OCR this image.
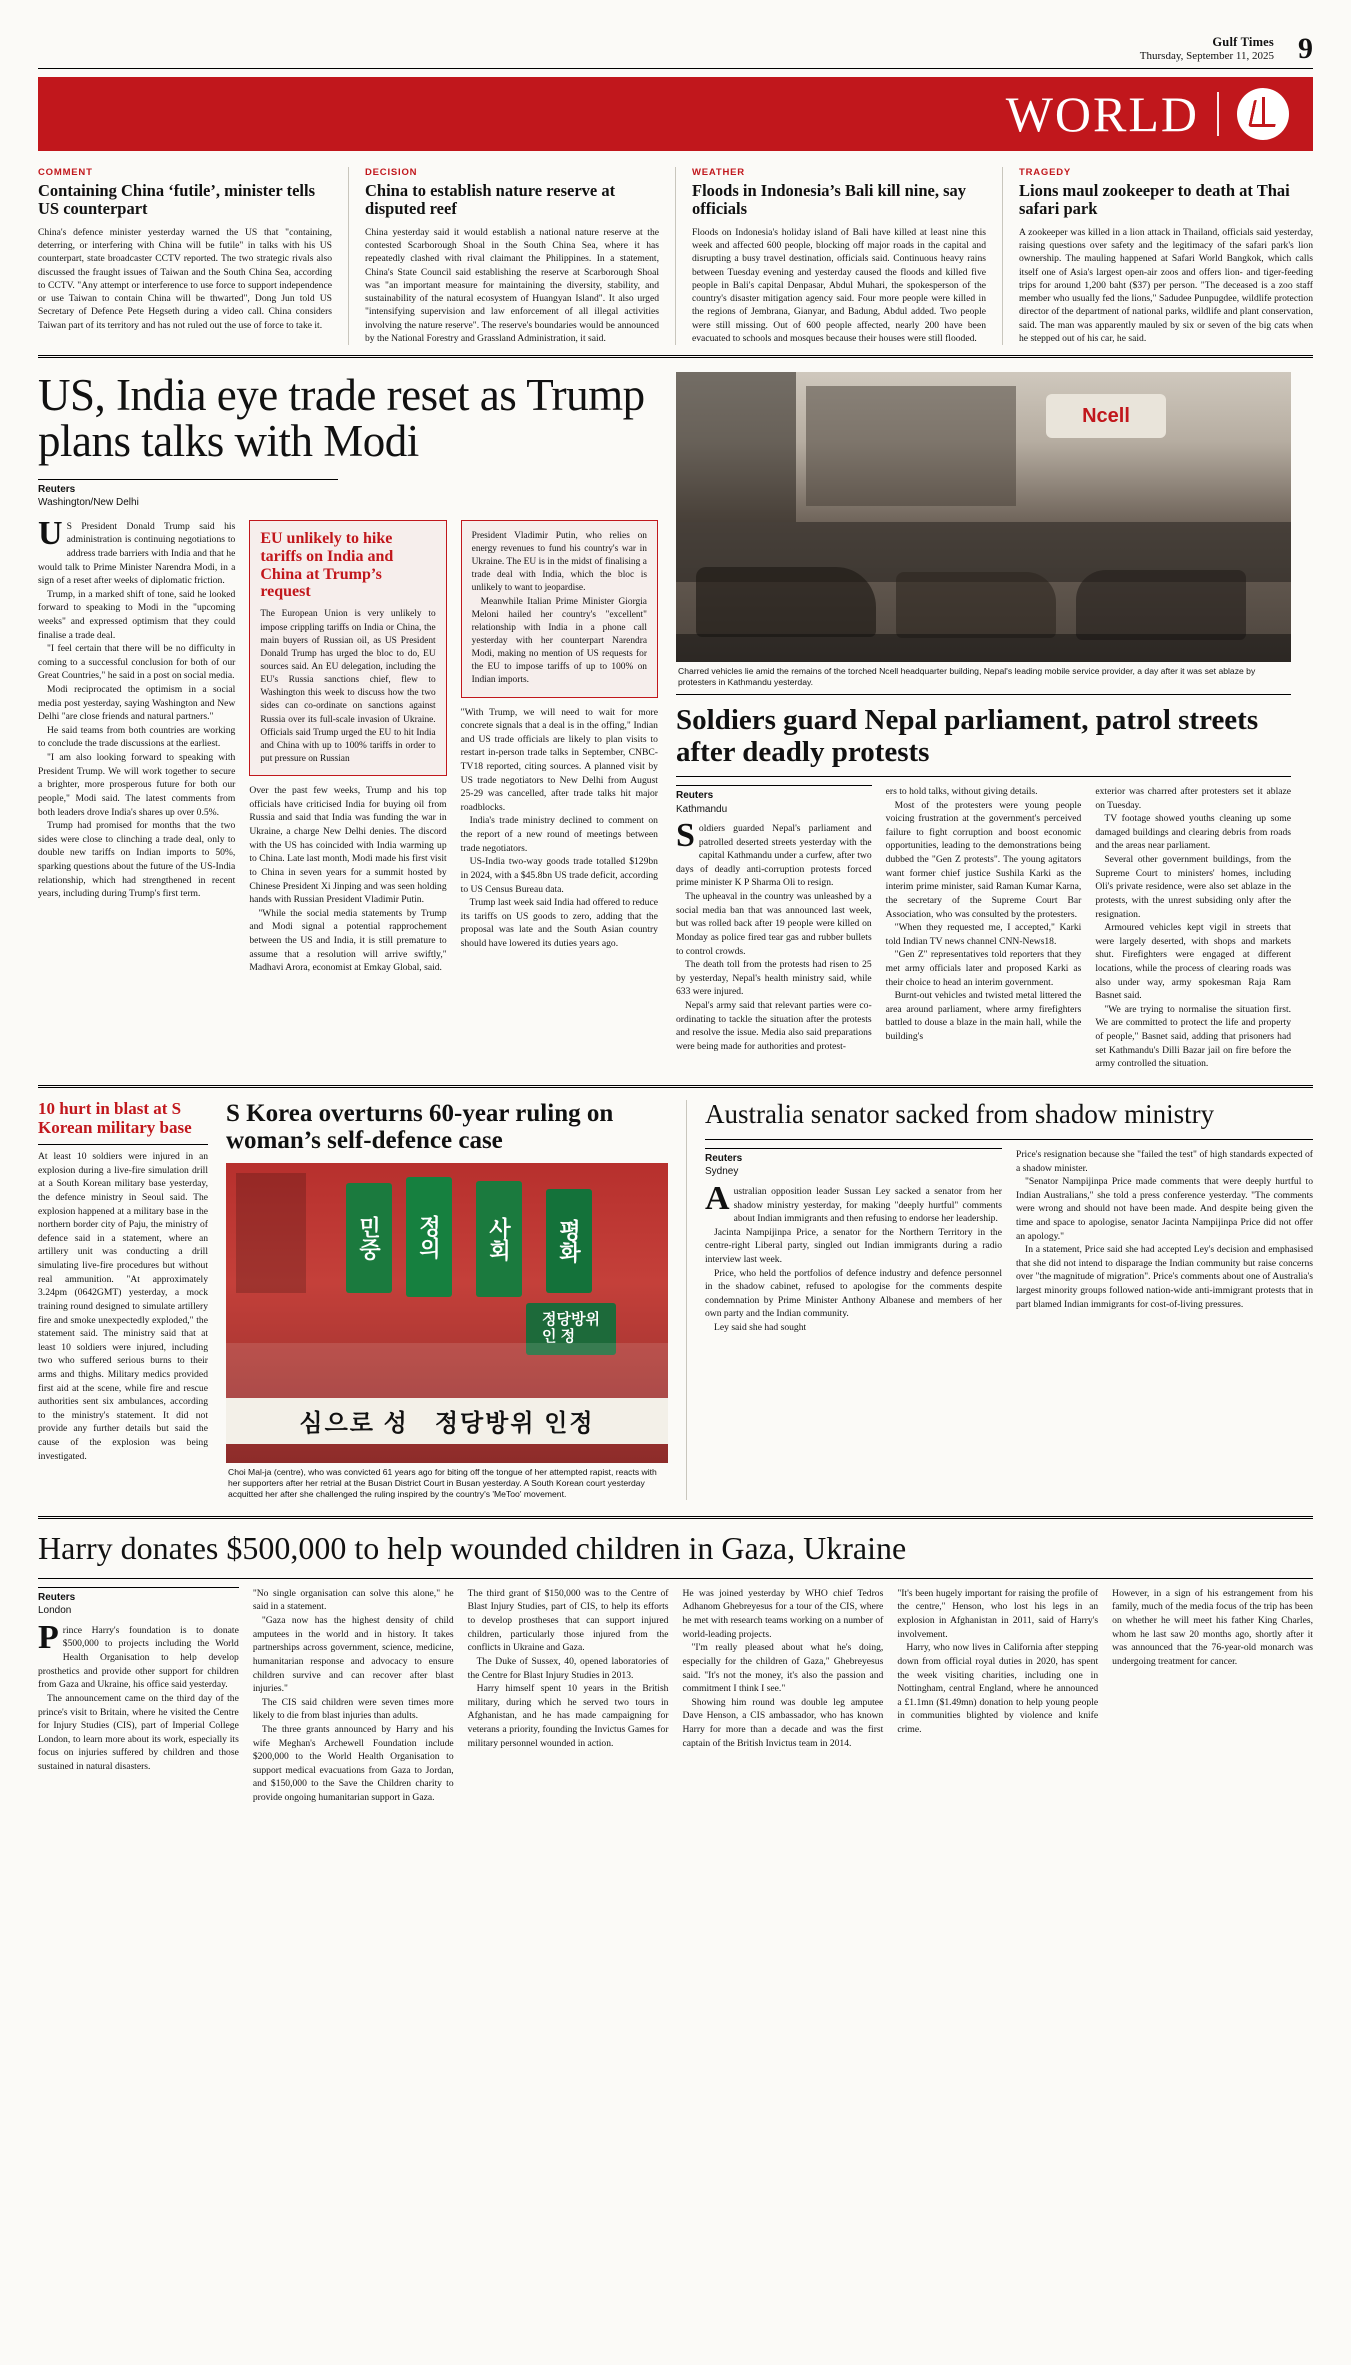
Gulf Times
Thursday, September 11, 2025 9
WORLD
COMMENT
Containing China ‘futile’, minister tells US counterpart

China's defence minister yesterday warned the US that "containing, deterring, or interfering with China will be futile" in talks with his US counterpart, state broadcaster CCTV reported. The two strategic rivals also discussed the fraught issues of Taiwan and the South China Sea, according to CCTV. "Any attempt or interference to use force to support independence or use Taiwan to contain China will be thwarted", Dong Jun told US Secretary of Defence Pete Hegseth during a video call. China considers Taiwan part of its territory and has not ruled out the use of force to take it.

DECISION
China to establish nature reserve at disputed reef

China yesterday said it would establish a national nature reserve at the contested Scarborough Shoal in the South China Sea, where it has repeatedly clashed with rival claimant the Philippines. In a statement, China's State Council said establishing the reserve at Scarborough Shoal was "an important measure for maintaining the diversity, stability, and sustainability of the natural ecosystem of Huangyan Island". It also urged "intensifying supervision and law enforcement of all illegal activities involving the nature reserve". The reserve's boundaries would be announced by the National Forestry and Grassland Administration, it said.

WEATHER
Floods in Indonesia’s Bali kill nine, say officials

Floods on Indonesia's holiday island of Bali have killed at least nine this week and affected 600 people, blocking off major roads in the capital and disrupting a busy travel destination, officials said. Continuous heavy rains between Tuesday evening and yesterday caused the floods and killed five people in Bali's capital Denpasar, Abdul Muhari, the spokesperson of the country's disaster mitigation agency said. Four more people were killed in the regions of Jembrana, Gianyar, and Badung, Abdul added. Two people were still missing. Out of 600 people affected, nearly 200 have been evacuated to schools and mosques because their houses were still flooded.

TRAGEDY
Lions maul zookeeper to death at Thai safari park

A zookeeper was killed in a lion attack in Thailand, officials said yesterday, raising questions over safety and the legitimacy of the safari park's lion ownership. The mauling happened at Safari World Bangkok, which calls itself one of Asia's largest open-air zoos and offers lion- and tiger-feeding trips for around 1,200 baht ($37) per person. "The deceased is a zoo staff member who usually fed the lions," Sadudee Punpugdee, wildlife protection director of the department of national parks, wildlife and plant conservation, said. The man was apparently mauled by six or seven of the big cats when he stepped out of his car, he said.

US, India eye trade reset as Trump plans talks with Modi
Reuters
Washington/New Delhi

US President Donald Trump said his administration is continuing negotiations to address trade barriers with India and that he would talk to Prime Minister Narendra Modi, in a sign of a reset after weeks of diplomatic friction.

Trump, in a marked shift of tone, said he looked forward to speaking to Modi in the "upcoming weeks" and expressed optimism that they could finalise a trade deal.

"I feel certain that there will be no difficulty in coming to a successful conclusion for both of our Great Countries," he said in a post on social media.

Modi reciprocated the optimism in a social media post yesterday, saying Washington and New Delhi "are close friends and natural partners."

He said teams from both countries are working to conclude the trade discussions at the earliest.

"I am also looking forward to speaking with President Trump. We will work together to secure a brighter, more prosperous future for both our people," Modi said. The latest comments from both leaders drove India's shares up over 0.5%.

Trump had promised for months that the two sides were close to clinching a trade deal, only to double new tariffs on Indian imports to 50%, sparking questions about the future of the US-India relationship, which had strengthened in recent years, including during Trump's first term.

EU unlikely to hike tariffs on India and China at Trump’s request

The European Union is very unlikely to impose crippling tariffs on India or China, the main buyers of Russian oil, as US President Donald Trump has urged the bloc to do, EU sources said. An EU delegation, including the EU's Russia sanctions chief, flew to Washington this week to discuss how the two sides can co-ordinate on sanctions against Russia over its full-scale invasion of Ukraine. Officials said Trump urged the EU to hit India and China with up to 100% tariffs in order to put pressure on Russian

Over the past few weeks, Trump and his top officials have criticised India for buying oil from Russia and said that India was funding the war in Ukraine, a charge New Delhi denies. The discord with the US has coincided with India warming up to China. Late last month, Modi made his first visit to China in seven years for a summit hosted by Chinese President Xi Jinping and was seen holding hands with Russian President Vladimir Putin.

"While the social media statements by Trump and Modi signal a potential rapprochement between the US and India, it is still premature to assume that a resolution will arrive swiftly," Madhavi Arora, economist at Emkay Global, said.

President Vladimir Putin, who relies on energy revenues to fund his country's war in Ukraine. The EU is in the midst of finalising a trade deal with India, which the bloc is unlikely to want to jeopardise.

Meanwhile Italian Prime Minister Giorgia Meloni hailed her country's "excellent" relationship with India in a phone call yesterday with her counterpart Narendra Modi, making no mention of US requests for the EU to impose tariffs of up to 100% on Indian imports.

"With Trump, we will need to wait for more concrete signals that a deal is in the offing," Indian and US trade officials are likely to plan visits to restart in-person trade talks in September, CNBC-TV18 reported, citing sources. A planned visit by US trade negotiators to New Delhi from August 25-29 was cancelled, after trade talks hit major roadblocks.

India's trade ministry declined to comment on the report of a new round of meetings between trade negotiators.

US-India two-way goods trade totalled $129bn in 2024, with a $45.8bn US trade deficit, according to US Census Bureau data.

Trump last week said India had offered to reduce its tariffs on US goods to zero, adding that the proposal was late and the South Asian country should have lowered its duties years ago.

Ncell
Charred vehicles lie amid the remains of the torched Ncell headquarter building, Nepal's leading mobile service provider, a day after it was set ablaze by protesters in Kathmandu yesterday.
Soldiers guard Nepal parliament, patrol streets after deadly protests
Reuters
Kathmandu

Soldiers guarded Nepal's parliament and patrolled deserted streets yesterday with the capital Kathmandu under a curfew, after two days of deadly anti-corruption protests forced prime minister K P Sharma Oli to resign.

The upheaval in the country was unleashed by a social media ban that was announced last week, but was rolled back after 19 people were killed on Monday as police fired tear gas and rubber bullets to control crowds.

The death toll from the protests had risen to 25 by yesterday, Nepal's health ministry said, while 633 were injured.

Nepal's army said that relevant parties were co-ordinating to tackle the situation after the protests and resolve the issue. Media also said preparations were being made for authorities and protest-

ers to hold talks, without giving details.

Most of the protesters were young people voicing frustration at the government's perceived failure to fight corruption and boost economic opportunities, leading to the demonstrations being dubbed the "Gen Z protests". The young agitators want former chief justice Sushila Karki as the interim prime minister, said Raman Kumar Karna, the secretary of the Supreme Court Bar Association, who was consulted by the protesters.

"When they requested me, I accepted," Karki told Indian TV news channel CNN-News18.

"Gen Z" representatives told reporters that they met army officials later and proposed Karki as their choice to head an interim government.

Burnt-out vehicles and twisted metal littered the area around parliament, where army firefighters battled to douse a blaze in the main hall, while the building's

exterior was charred after protesters set it ablaze on Tuesday.

TV footage showed youths cleaning up some damaged buildings and clearing debris from roads and the areas near parliament.

Several other government buildings, from the Supreme Court to ministers' homes, including Oli's private residence, were also set ablaze in the protests, with the unrest subsiding only after the resignation.

Armoured vehicles kept vigil in streets that were largely deserted, with shops and markets shut. Firefighters were engaged at different locations, while the process of clearing roads was also under way, army spokesman Raja Ram Basnet said.

"We are trying to normalise the situation first. We are committed to protect the life and property of people," Basnet said, adding that prisoners had set Kathmandu's Dilli Bazar jail on fire before the army controlled the situation.

10 hurt in blast at S Korean military base

At least 10 soldiers were injured in an explosion during a live-fire simulation drill at a South Korean military base yesterday, the defence ministry in Seoul said. The explosion happened at a military base in the northern border city of Paju, the ministry of defence said in a statement, where an artillery unit was conducting a drill simulating live-fire procedures but without real ammunition. "At approximately 3.24pm (0642GMT) yesterday, a mock training round designed to simulate artillery fire and smoke unexpectedly exploded," the statement said. The ministry said that at least 10 soldiers were injured, including two who suffered serious burns to their arms and thighs. Military medics provided first aid at the scene, while fire and rescue authorities sent six ambulances, according to the ministry's statement. It did not provide any further details but said the cause of the explosion was being investigated.

S Korea overturns 60-year ruling on woman’s self-defence case
민중	정의	사회	평화
정당방위
인 정
심으로 성   정당방위 인정
Choi Mal-ja (centre), who was convicted 61 years ago for biting off the tongue of her attempted rapist, reacts with her supporters after her retrial at the Busan District Court in Busan yesterday. A South Korean court yesterday acquitted her after she challenged the ruling inspired by the country's 'MeToo' movement.
Australia senator sacked from shadow ministry
Reuters
Sydney

Australian opposition leader Sussan Ley sacked a senator from her shadow ministry yesterday, for making "deeply hurtful" comments about Indian immigrants and then refusing to endorse her leadership.

Jacinta Nampijinpa Price, a senator for the Northern Territory in the centre-right Liberal party, singled out Indian immigrants during a radio interview last week.

Price, who held the portfolios of defence industry and defence personnel in the shadow cabinet, refused to apologise for the comments despite condemnation by Prime Minister Anthony Albanese and members of her own party and the Indian community.

Ley said she had sought

Price's resignation because she "failed the test" of high standards expected of a shadow minister.

"Senator Nampijinpa Price made comments that were deeply hurtful to Indian Australians," she told a press conference yesterday. "The comments were wrong and should not have been made. And despite being given the time and space to apologise, senator Jacinta Nampijinpa Price did not offer an apology."

In a statement, Price said she had accepted Ley's decision and emphasised that she did not intend to disparage the Indian community but raise concerns over "the magnitude of migration". Price's comments about one of Australia's largest minority groups followed nation-wide anti-immigrant protests that in part blamed Indian immigrants for cost-of-living pressures.

Harry donates $500,000 to help wounded children in Gaza, Ukraine
Reuters
London

Prince Harry's foundation is to donate $500,000 to projects including the World Health Organisation to help develop prosthetics and provide other support for children from Gaza and Ukraine, his office said yesterday.

The announcement came on the third day of the prince's visit to Britain, where he visited the Centre for Injury Studies (CIS), part of Imperial College London, to learn more about its work, especially its focus on injuries suffered by children and those sustained in natural disasters.

"No single organisation can solve this alone," he said in a statement.

"Gaza now has the highest density of child amputees in the world and in history. It takes partnerships across government, science, medicine, humanitarian response and advocacy to ensure children survive and can recover after blast injuries."

The CIS said children were seven times more likely to die from blast injuries than adults.

The three grants announced by Harry and his wife Meghan's Archewell Foundation include $200,000 to the World Health Organisation to support medical evacuations from Gaza to Jordan, and $150,000 to the Save the Children charity to provide ongoing humanitarian support in Gaza.

The third grant of $150,000 was to the Centre of Blast Injury Studies, part of CIS, to help its efforts to develop prostheses that can support injured children, particularly those injured from the conflicts in Ukraine and Gaza.

The Duke of Sussex, 40, opened laboratories of the Centre for Blast Injury Studies in 2013.

Harry himself spent 10 years in the British military, during which he served two tours in Afghanistan, and he has made campaigning for veterans a priority, founding the Invictus Games for military personnel wounded in action.

He was joined yesterday by WHO chief Tedros Adhanom Ghebreyesus for a tour of the CIS, where he met with research teams working on a number of world-leading projects.

"I'm really pleased about what he's doing, especially for the children of Gaza," Ghebreyesus said. "It's not the money, it's also the passion and commitment I think I see."

Showing him round was double leg amputee Dave Henson, a CIS ambassador, who has known Harry for more than a decade and was the first captain of the British Invictus team in 2014.

"It's been hugely important for raising the profile of the centre," Henson, who lost his legs in an explosion in Afghanistan in 2011, said of Harry's involvement.

Harry, who now lives in California after stepping down from official royal duties in 2020, has spent the week visiting charities, including one in Nottingham, central England, where he announced a £1.1mn ($1.49mn) donation to help young people in communities blighted by violence and knife crime.

However, in a sign of his estrangement from his family, much of the media focus of the trip has been on whether he will meet his father King Charles, whom he last saw 20 months ago, shortly after it was announced that the 76-year-old monarch was undergoing treatment for cancer.
